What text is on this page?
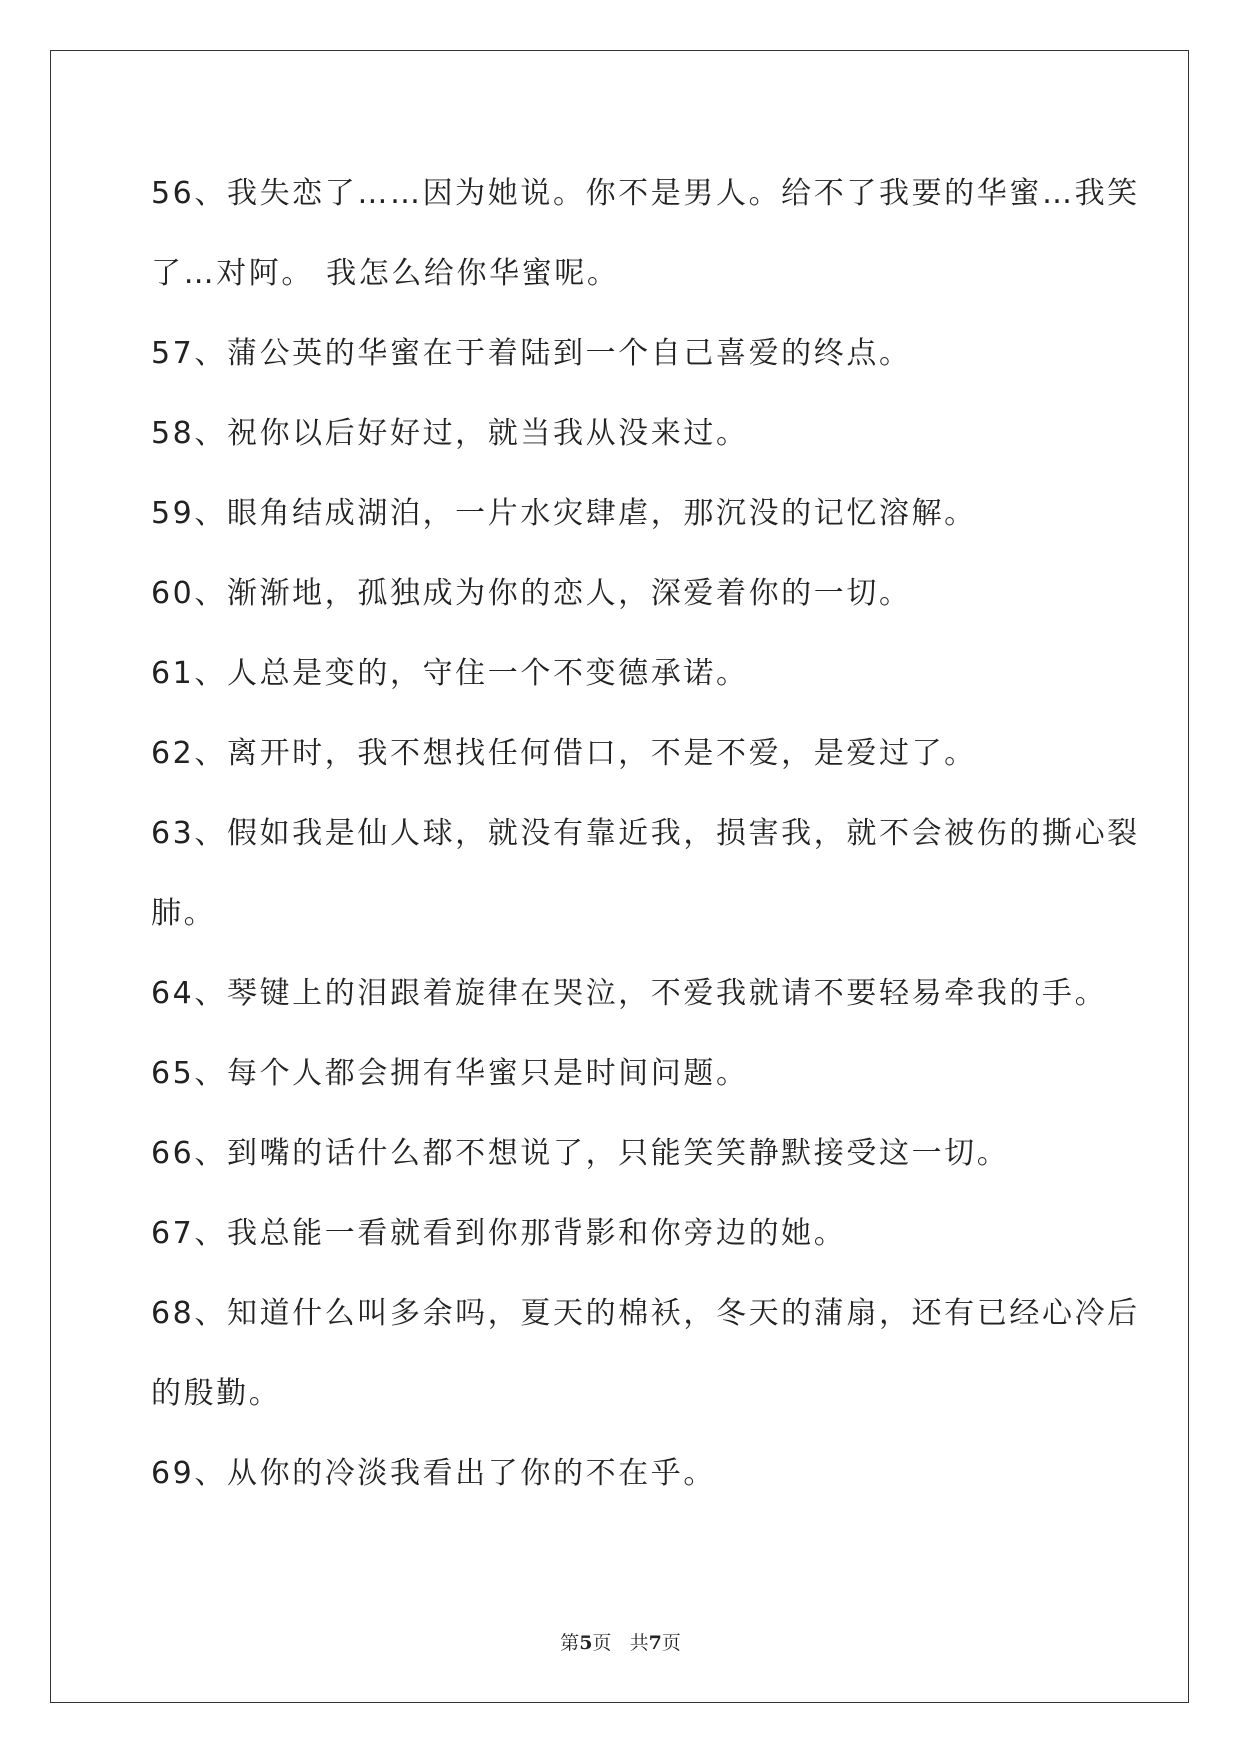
56、我失恋了……因为她说。你不是男人。给不了我要的华蜜…我笑
了…对阿。 我怎么给你华蜜呢。
57、蒲公英的华蜜在于着陆到一个自己喜爱的终点。
58、祝你以后好好过，就当我从没来过。
59、眼角结成湖泊，一片水灾肆虐，那沉没的记忆溶解。
60、渐渐地，孤独成为你的恋人，深爱着你的一切。
61、人总是变的，守住一个不变德承诺。
62、离开时，我不想找任何借口，不是不爱，是爱过了。
63、假如我是仙人球，就没有靠近我，损害我，就不会被伤的撕心裂
肺。
64、琴键上的泪跟着旋律在哭泣，不爱我就请不要轻易牵我的手。
65、每个人都会拥有华蜜只是时间问题。
66、到嘴的话什么都不想说了，只能笑笑静默接受这一切。
67、我总能一看就看到你那背影和你旁边的她。
68、知道什么叫多余吗，夏天的棉袄，冬天的蒲扇，还有已经心冷后
的殷勤。
69、从你的冷淡我看出了你的不在乎。
第5页 共7页
